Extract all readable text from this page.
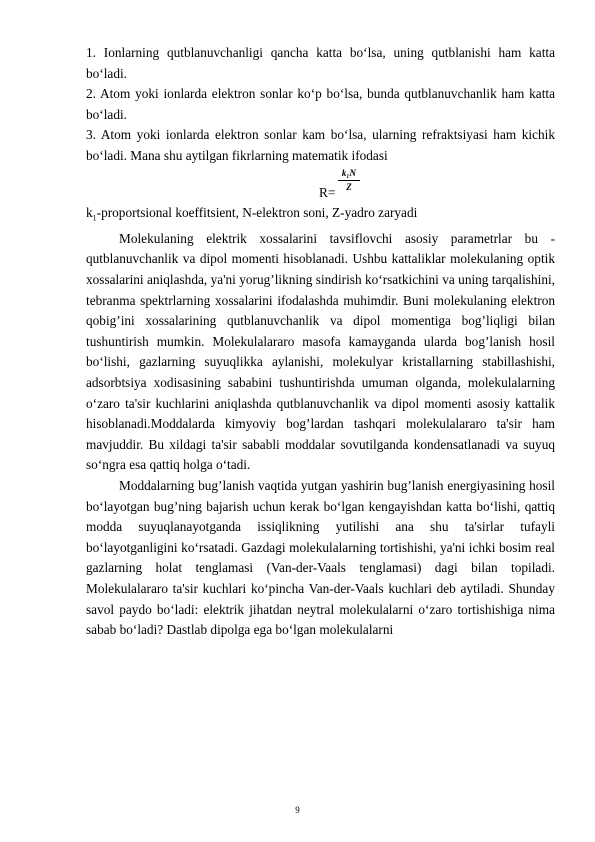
1. Ionlarning qutblanuvchanligi qancha katta bo‘lsa, uning qutblanishi ham katta bo‘ladi.

2. Atom yoki ionlarda elektron sonlar ko‘p bo‘lsa, bunda qutblanuvchanlik ham katta bo‘ladi.

3. Atom yoki ionlarda elektron sonlar kam bo‘lsa, ularning refraktsiyasi ham kichik bo‘ladi. Mana shu aytilgan fikrlarning matematik ifodasi

R=
k₁N
Z

$k_1$-proportsional koeffitsient, N-elektron soni, Z-yadro zaryadi

Molekulaning elektrik xossalarini tavsiflovchi asosiy parametrlar bu - qutblanuvchanlik va dipol momenti hisoblanadi. Ushbu kattaliklar molekulaning optik xossalarini aniqlashda, ya'ni yorug’likning sindirish ko‘rsatkichini va uning tarqalishini, tebranma spektrlarning xossalarini ifodalashda muhimdir. Buni molekulaning elektron qobig’ini xossalarining qutblanuvchanlik va dipol momentiga bog’liqligi bilan tushuntirish mumkin. Molekulalararo masofa kamayganda ularda bog’lanish hosil bo‘lishi, gazlarning suyuqlikka aylanishi, molekulyar kristallarning stabillashishi, adsorbtsiya xodisasining sababini tushuntirishda umuman olganda, molekulalarning o‘zaro ta'sir kuchlarini aniqlashda qutblanuvchanlik va dipol momenti asosiy kattalik hisoblanadi.Moddalarda kimyoviy bog’lardan tashqari molekulalararo ta'sir ham mavjuddir. Bu xildagi ta'sir sababli moddalar sovutilganda kondensatlanadi va suyuq so‘ngra esa qattiq holga o‘tadi.

Moddalarning bug’lanish vaqtida yutgan yashirin bug’lanish energiyasining hosil bo‘layotgan bug’ning bajarish uchun kerak bo‘lgan kengayishdan katta bo‘lishi, qattiq modda suyuqlanayotganda issiqlikning yutilishi ana shu ta'sirlar tufayli bo‘layotganligini ko‘rsatadi. Gazdagi molekulalarning tortishishi, ya'ni ichki bosim real gazlarning holat tenglamasi (Van-der-Vaals tenglamasi) dagi bilan topiladi. Molekulalararo ta'sir kuchlari ko‘pincha Van-der-Vaals kuchlari deb aytiladi. Shunday savol paydo bo‘ladi: elektrik jihatdan neytral molekulalarni o‘zaro tortishishiga nima sabab bo‘ladi? Dastlab dipolga ega bo‘lgan molekulalarni

9
